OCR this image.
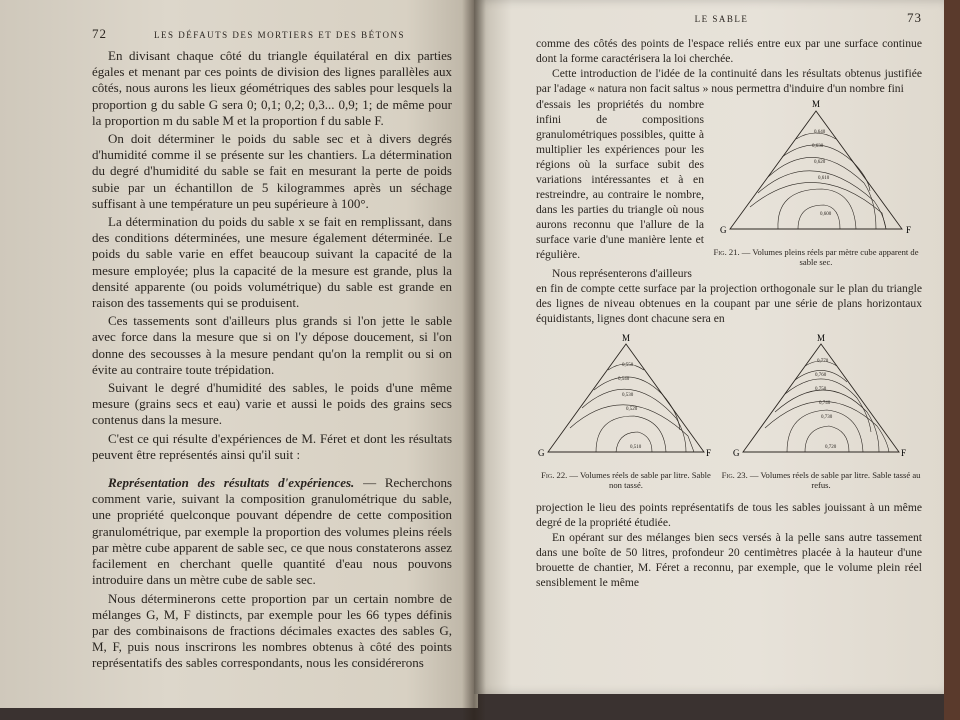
72	LES DÉFAUTS DES MORTIERS ET DES BÉTONS

En divisant chaque côté du triangle équilatéral en dix parties égales et menant par ces points de division des lignes parallèles aux côtés, nous aurons les lieux géométriques des sables pour lesquels la proportion g du sable G sera 0; 0,1; 0,2; 0,3... 0,9; 1; de même pour la proportion m du sable M et la proportion f du sable F.

On doit déterminer le poids du sable sec et à divers degrés d'humidité comme il se présente sur les chantiers. La détermination du degré d'humidité du sable se fait en mesurant la perte de poids subie par un échantillon de 5 kilogrammes après un séchage suffisant à une température un peu supérieure à 100°.

La détermination du poids du sable x se fait en remplissant, dans des conditions déterminées, une mesure également déterminée. Le poids du sable varie en effet beaucoup suivant la capacité de la mesure employée; plus la capacité de la mesure est grande, plus la densité apparente (ou poids volumétrique) du sable est grande en raison des tassements qui se produisent.

Ces tassements sont d'ailleurs plus grands si l'on jette le sable avec force dans la mesure que si on l'y dépose doucement, si l'on donne des secousses à la mesure pendant qu'on la remplit ou si on évite au contraire toute trépidation.

Suivant le degré d'humidité des sables, le poids d'une même mesure (grains secs et eau) varie et aussi le poids des grains secs contenus dans la mesure.

C'est ce qui résulte d'expériences de M. Féret et dont les résultats peuvent être représentés ainsi qu'il suit :

Représentation des résultats d'expériences. — Recherchons comment varie, suivant la composition granulométrique du sable, une propriété quelconque pouvant dépendre de cette composition granulométrique, par exemple la proportion des volumes pleins réels par mètre cube apparent de sable sec, ce que nous constaterons assez facilement en cherchant quelle quantité d'eau nous pouvons introduire dans un mètre cube de sable sec.

Nous déterminerons cette proportion par un certain nombre de mélanges G, M, F distincts, par exemple pour les 66 types définis par des combinaisons de fractions décimales exactes des sables G, M, F, puis nous inscrirons les nombres obtenus à côté des points représentatifs des sables correspondants, nous les considérerons

LE SABLE	73

comme des côtés des points de l'espace reliés entre eux par une surface continue dont la forme caractérisera la loi cherchée.

Cette introduction de l'idée de la continuité dans les résultats obtenus justifiée par l'adage « natura non facit saltus » nous permettra d'induire d'un nombre fini

d'essais les propriétés du nombre infini de compositions granulométriques possibles, quitte à multiplier les expériences pour les régions où la surface subit des variations intéressantes et à en restreindre, au contraire le nombre, dans les parties du triangle où nous aurons reconnu que l'allure de la surface varie d'une manière lente et régulière.

Nous représenterons d'ailleurs

M
G	F
0,640
0,630
0,620
0,610
0,600
Fig. 21. — Volumes pleins réels par mètre cube apparent de sable sec.

en fin de compte cette surface par la projection orthogonale sur le plan du triangle des lignes de niveau obtenues en la coupant par une série de plans horizontaux équidistants, lignes dont chacune sera en

M
G	F
0,550
0,540
0,530
0,520
0,510
Fig. 22. — Volumes réels de sable par litre. Sable non tassé.
M
G	F
0,770
0,760
0,750
0,740
0,730
0,720
Fig. 23. — Volumes réels de sable par litre. Sable tassé au refus.

projection le lieu des points représentatifs de tous les sables jouissant à un même degré de la propriété étudiée.

En opérant sur des mélanges bien secs versés à la pelle sans autre tassement dans une boîte de 50 litres, profondeur 20 centimètres placée à la hauteur d'une brouette de chantier, M. Féret a reconnu, par exemple, que le volume plein réel sensiblement le même
